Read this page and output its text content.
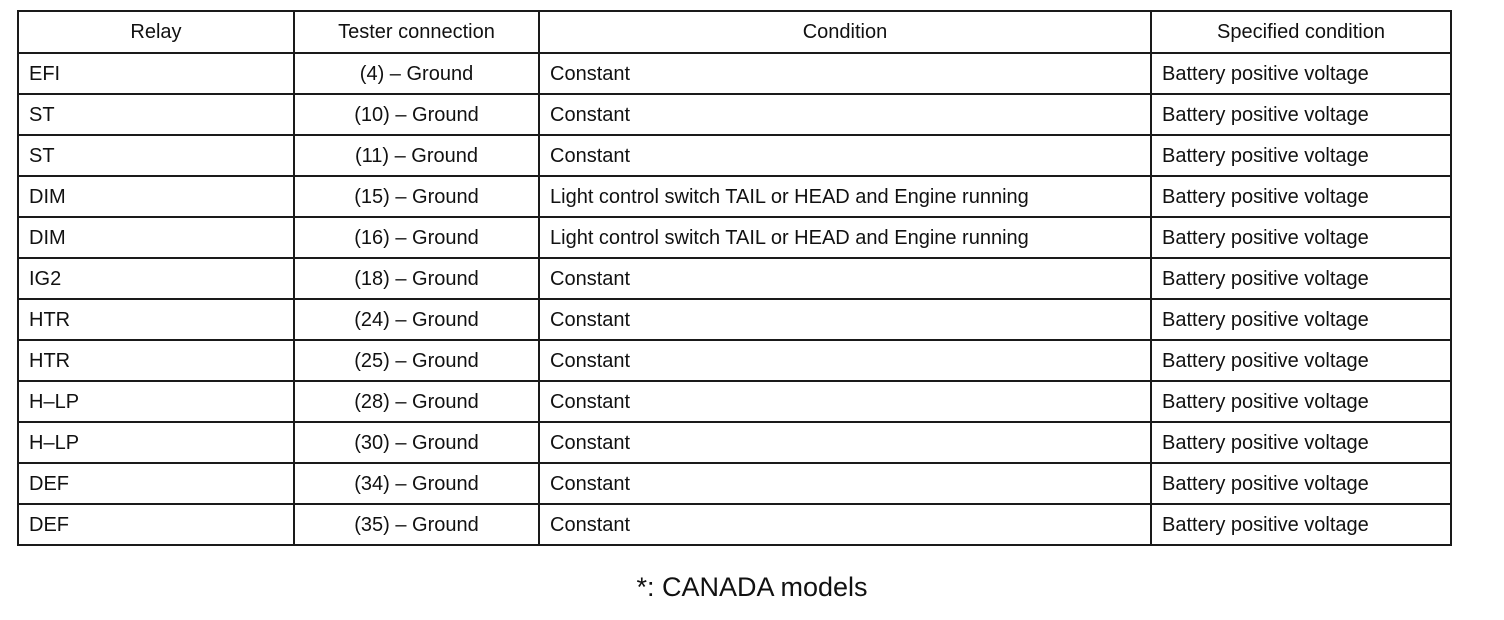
Relay	Tester connection	Condition	Specified condition
EFI	(4) – Ground	Constant	Battery positive voltage
ST	(10) – Ground	Constant	Battery positive voltage
ST	(11) – Ground	Constant	Battery positive voltage
DIM	(15) – Ground	Light control switch TAIL or HEAD and Engine running	Battery positive voltage
DIM	(16) – Ground	Light control switch TAIL or HEAD and Engine running	Battery positive voltage
IG2	(18) – Ground	Constant	Battery positive voltage
HTR	(24) – Ground	Constant	Battery positive voltage
HTR	(25) – Ground	Constant	Battery positive voltage
H–LP	(28) – Ground	Constant	Battery positive voltage
H–LP	(30) – Ground	Constant	Battery positive voltage
DEF	(34) – Ground	Constant	Battery positive voltage
DEF	(35) – Ground	Constant	Battery positive voltage
*: CANADA models
